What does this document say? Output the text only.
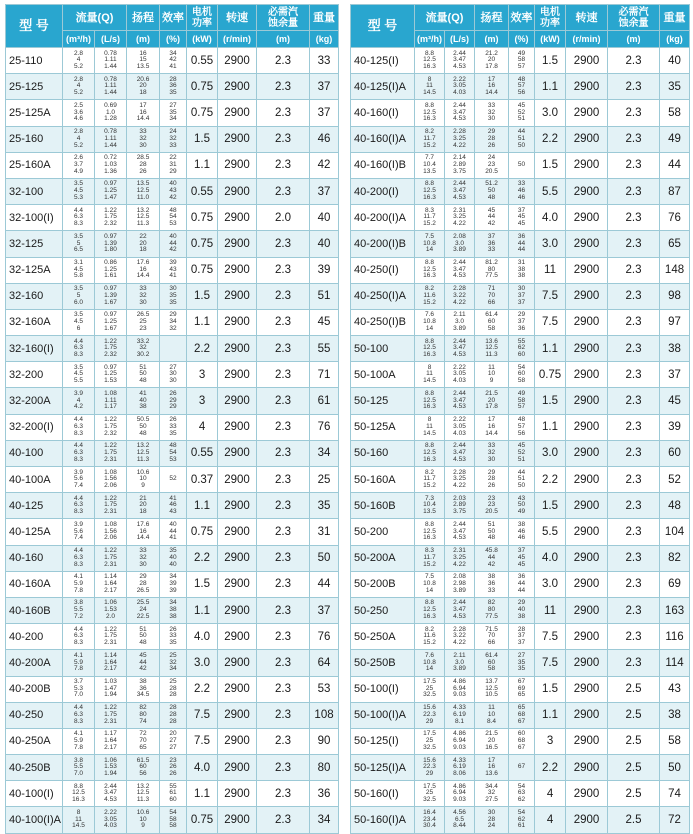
型 号	流量(Q)		扬程	效率	电机
功率	转速	必需汽
蚀余量	重量
	(m³/h)	(L/s)	(m)	(%)	(kW)	(r/min)	(m)	(kg)
25-110	2.8
4
5.2	0.78
1.11
1.44	16
15
13.5	34
42
41	0.55	2900	2.3	33
25-125	2.8
4
5.2	0.78
1.11
1.44	20.6
20
18	28
36
35	0.75	2900	2.3	37
25-125A	2.5
3.6
4.6	0.69
1.0
1.28	17
16
14.4	27
35
34	0.75	2900	2.3	37
25-160	2.8
4
5.2	0.78
1.11
1.44	33
32
30	24
32
33	1.5	2900	2.3	46
25-160A	2.6
3.7
4.9	0.72
1.03
1.36	28.5
28
26	22
31
29	1.1	2900	2.3	42
32-100	3.5
4.5
5.3	0.97
1.25
1.47	13.5
12.5
11.0	40
43
42	0.55	2900	2.3	37
32-100(I)	4.4
6.3
8.3	1.22
1.75
2.32	13.2
12.5
11.3	48
54
53	0.75	2900	2.0	40
32-125	3.5
5
6.5	0.97
1.39
1.80	22
20
18	40
44
42	0.75	2900	2.3	40
32-125A	3.1
4.5
5.8	0.86
1.25
1.61	17.6
16
14.4	39
43
41	0.75	2900	2.3	39
32-160	3.5
5
6.0	0.97
1.39
1.67	33
32
30	30
35
35	1.5	2900	2.3	51
32-160A	3.5
4.5
6	0.97
1.25
1.67	26.5
25
23	29
34
32	1.1	2900	2.3	45
32-160(I)	4.4
6.3
8.3	1.22
1.75
2.32	33.2
32
30.2		2.2	2900	2.3	55
32-200	3.5
4.5
5.5	0.97
1.25
1.53	51
50
48	27
30
30	3	2900	2.3	71
32-200A	3.9
4
4.2	1.08
1.11
1.17	41
40
38	26
29
29	3	2900	2.3	61
32-200(I)	4.4
6.3
8.3	1.22
1.75
2.32	50.5
50
48	26
33
35	4	2900	2.3	76
40-100	4.4
6.3
8.3	1.22
1.75
2.31	13.2
12.5
11.3	48
54
53	0.55	2900	2.3	34
40-100A	3.9
5.6
7.4	1.08
1.56
2.06	10.6
10
9	52	0.37	2900	2.3	25
40-125	4.4
6.3
8.3	1.22
1.75
2.31	21
20
18	41
46
43	1.1	2900	2.3	35
40-125A	3.9
5.6
7.4	1.08
1.56
2.06	17.6
16
14.4	40
44
41	0.75	2900	2.3	31
40-160	4.4
6.3
8.3	1.22
1.75
2.31	33
32
30	35
40
40	2.2	2900	2.3	50
40-160A	4.1
5.9
7.8	1.14
1.64
2.17	29
28
26.5	34
39
39	1.5	2900	2.3	44
40-160B	3.8
5.5
7.2	1.06
1.53
2.0	25.5
24
22.5	34
38
38	1.1	2900	2.3	37
40-200	4.4
6.3
8.3	1.22
1.75
2.31	51
50
48	26
33
35	4.0	2900	2.3	76
40-200A	4.1
5.9
7.8	1.14
1.64
2.17	45
44
42	25
32
34	3.0	2900	2.3	64
40-200B	3.7
5.3
7.0	1.03
1.47
1.94	38
36
34.5	25
28
28	2.2	2900	2.3	53
40-250	4.4
6.3
8.3	1.22
1.75
2.31	82
80
74	28
28
28	7.5	2900	2.3	108
40-250A	4.1
5.9
7.8	1.17
1.64
2.17	72
70
65	20
27
27	7.5	2900	2.3	90
40-250B	3.8
5.5
7.0	1.06
1.53
1.94	61.5
60
56	23
26
26	4.0	2900	2.3	80
40-100(I)	8.8
12.5
16.3	2.44
3.47
4.53	13.2
12.5
11.3	55
61
60	1.1	2900	2.3	36
40-100(I)A	8
11
14.5	2.22
3.05
4.03	10.6
10
9	54
58
58	0.75	2900	2.3	34
型 号	流量(Q)		扬程	效率	电机
功率	转速	必需汽
蚀余量	重量
	(m³/h)	(L/s)	(m)	(%)	(kW)	(r/min)	(m)	(kg)
40-125(I)	8.8
12.5
16.3	2.44
3.47
4.53	21.2
20
17.8	49
58
57	1.5	2900	2.3	40
40-125(I)A	8
11
14.5	2.22
3.05
4.03	17
16
14.4	48
57
56	1.1	2900	2.3	35
40-160(I)	8.8
12.5
16.3	2.44
3.47
4.53	33
32
30	45
52
51	3.0	2900	2.3	58
40-160(I)A	8.2
11.7
15.2	2.28
3.25
4.22	29
28
26	44
51
50	2.2	2900	2.3	49
40-160(I)B	7.7
10.4
13.5	2.14
2.89
3.75	24
23
20.5	50	1.5	2900	2.3	44
40-200(I)	8.8
12.5
16.3	2.44
3.47
4.53	51.2
50
48	33
46
46	5.5	2900	2.3	87
40-200(I)A	8.3
11.7
15.2	2.31
3.25
4.22	45
44
42	37
45
45	4.0	2900	2.3	76
40-200(I)B	7.5
10.8
14	2.08
3.0
3.89	37
36
33	36
44
44	3.0	2900	2.3	65
40-250(I)	8.8
12.5
16.3	2.44
3.47
4.53	81.2
80
77.5	31
38
38	11	2900	2.3	148
40-250(I)A	8.2
11.6
15.2	2.28
3.22
4.22	71
70
66	30
37
37	7.5	2900	2.3	98
40-250(I)B	7.6
10.8
14	2.11
3.0
3.89	61.4
60
58	29
37
36	7.5	2900	2.3	97
50-100	8.8
12.5
16.3	2.44
3.47
4.53	13.6
12.5
11.3	55
62
60	1.1	2900	2.3	38
50-100A	8
11
14.5	2.22
3.05
4.03	11
10
9	54
60
58	0.75	2900	2.3	37
50-125	8.8
12.5
16.3	2.44
3.47
4.53	21.5
20
17.8	49
58
57	1.5	2900	2.3	45
50-125A	8
11
14.5	2.22
3.05
4.03	17
16
14.4	48
57
56	1.1	2900	2.3	39
50-160	8.8
12.5
16.3	2.44
3.47
4.53	33
32
30	45
52
51	3.0	2900	2.3	60
50-160A	8.2
11.7
15.2	2.28
3.25
4.22	29
28
26	44
51
50	2.2	2900	2.3	52
50-160B	7.3
10.4
13.5	2.03
2.89
3.75	23
23
20.5	43
50
49	1.5	2900	2.3	48
50-200	8.8
12.5
16.3	2.44
3.47
4.53	51
50
48	38
46
46	5.5	2900	2.3	104
50-200A	8.3
11.7
15.2	2.31
3.25
4.22	45.8
44
42	37
45
45	4.0	2900	2.3	82
50-200B	7.5
10.8
14	2.08
2.98
3.89	38
36
33	36
44
44	3.0	2900	2.3	69
50-250	8.8
12.5
16.3	2.44
3.47
4.53	82
80
77.5	29
40
38	11	2900	2.3	163
50-250A	8.2
11.6
15.2	2.28
3.22
4.22	71.5
70
66	28
37
37	7.5	2900	2.3	116
50-250B	7.6
10.8
14	2.11
3.0
3.89	61.4
60
58	27
35
35	7.5	2900	2.3	114
50-100(I)	17.5
25
32.5	4.86
6.94
9.03	13.7
12.5
10.5	67
69
65	1.5	2900	2.5	43
50-100(I)A	15.6
22.3
29	4.33
6.19
8.1	11
10
8.4	65
68
67	1.1	2900	2.5	38
50-125(I)	17.5
25
32.5	4.86
6.94
9.03	21.5
20
16.5	60
68
67	3	2900	2.5	58
50-125(I)A	15.6
22.3
29	4.33
6.19
8.06	17
16
13.6	67	2.2	2900	2.5	50
50-160(I)	17.5
25
32.5	4.86
6.94
9.03	34.4
32
27.5	54
63
62	4	2900	2.5	74
50-160(I)A	16.4
23.4
30.4	4.56
6.5
8.44	30
28
24	54
62
61	4	2900	2.5	72
